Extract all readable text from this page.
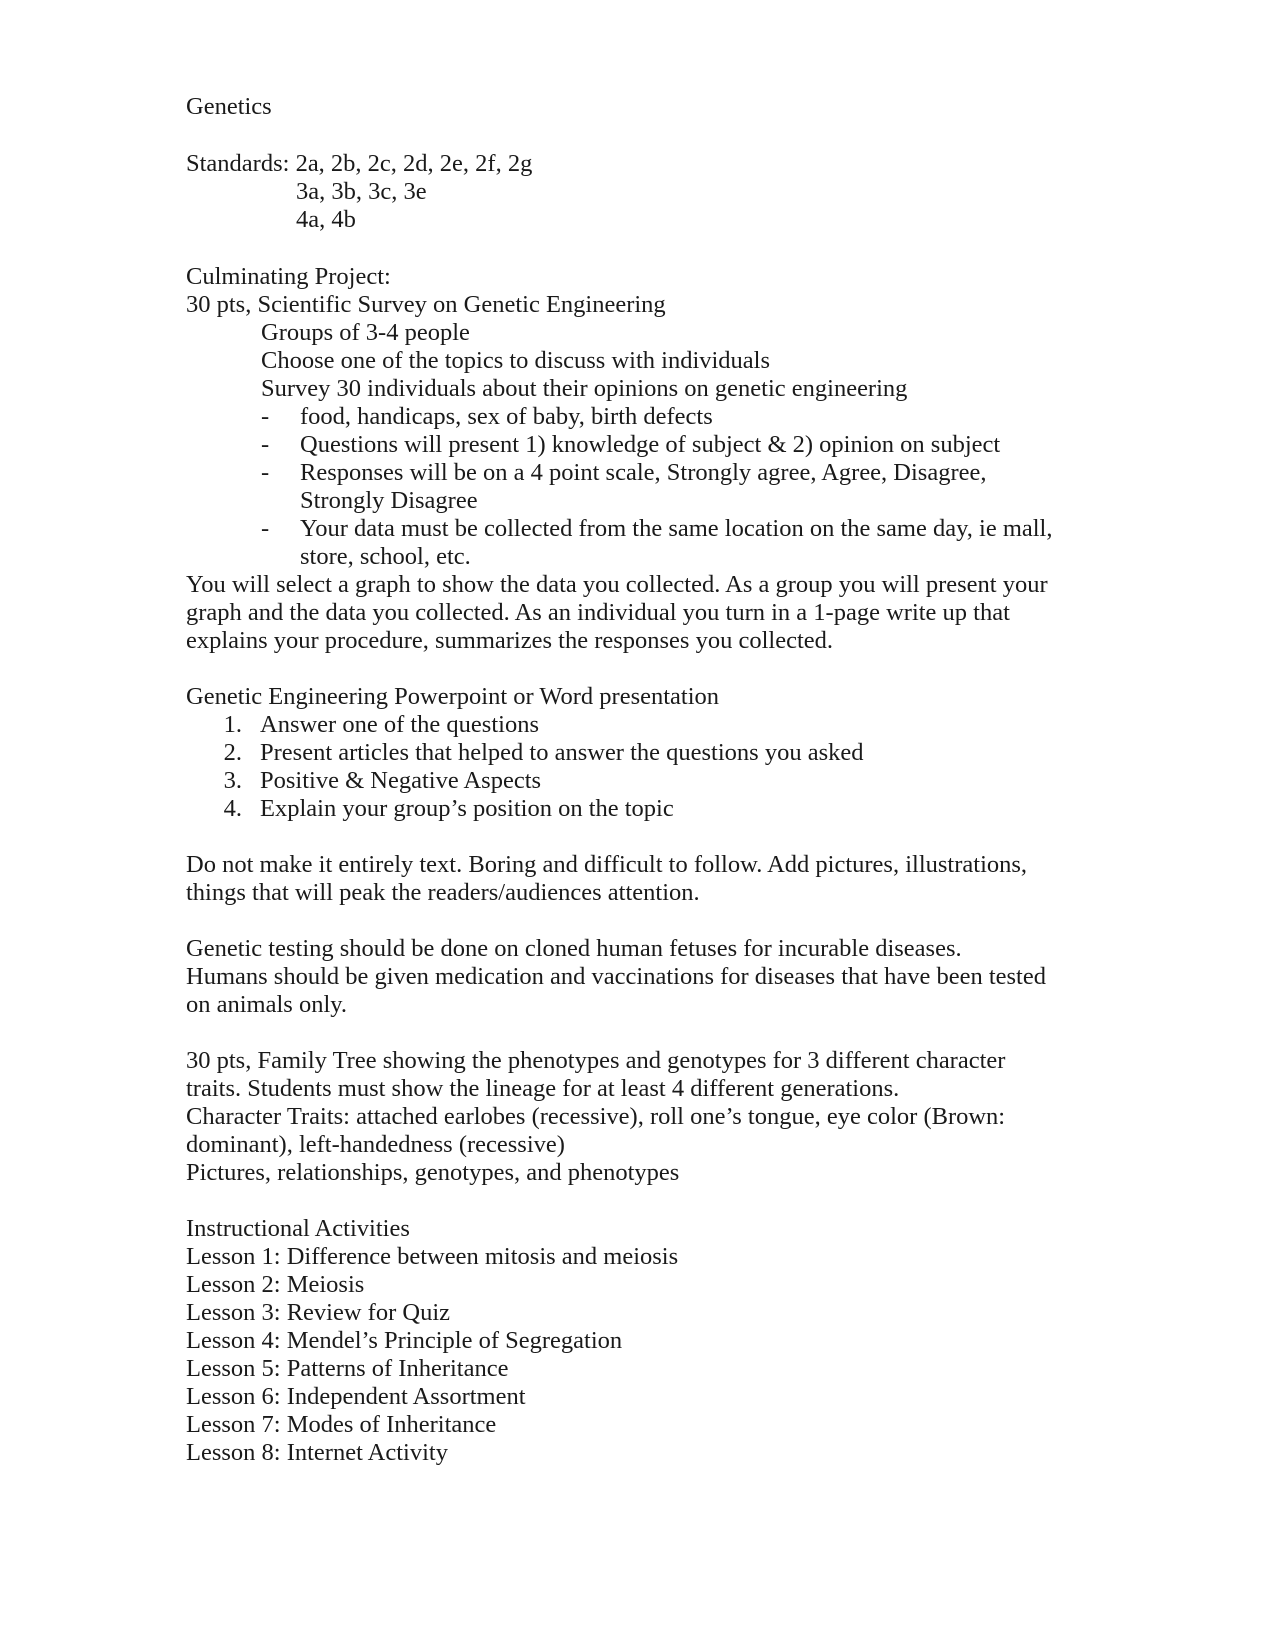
Genetics
Standards: 2a, 2b, 2c, 2d, 2e, 2f, 2g
3a, 3b, 3c, 3e
4a, 4b
Culminating Project:
30 pts, Scientific Survey on Genetic Engineering
Groups of 3-4 people
Choose one of the topics to discuss with individuals
Survey 30 individuals about their opinions on genetic engineering
-	food, handicaps, sex of baby, birth defects
-	Questions will present 1) knowledge of subject & 2) opinion on subject
-	Responses will be on a 4 point scale, Strongly agree, Agree, Disagree, Strongly Disagree
-	Your data must be collected from the same location on the same day, ie mall, store, school, etc.
You will select a graph to show the data you collected. As a group you will present your
graph and the data you collected. As an individual you turn in a 1-page write up that
explains your procedure, summarizes the responses you collected.
Genetic Engineering Powerpoint or Word presentation
1. Answer one of the questions
2. Present articles that helped to answer the questions you asked
3. Positive & Negative Aspects
4. Explain your group’s position on the topic
Do not make it entirely text. Boring and difficult to follow. Add pictures, illustrations,
things that will peak the readers/audiences attention.
Genetic testing should be done on cloned human fetuses for incurable diseases.
Humans should be given medication and vaccinations for diseases that have been tested
on animals only.
30 pts, Family Tree showing the phenotypes and genotypes for 3 different character
traits. Students must show the lineage for at least 4 different generations.
Character Traits: attached earlobes (recessive), roll one’s tongue, eye color (Brown:
dominant), left-handedness (recessive)
Pictures, relationships, genotypes, and phenotypes
Instructional Activities
Lesson 1: Difference between mitosis and meiosis
Lesson 2: Meiosis
Lesson 3: Review for Quiz
Lesson 4: Mendel’s Principle of Segregation
Lesson 5: Patterns of Inheritance
Lesson 6: Independent Assortment
Lesson 7: Modes of Inheritance
Lesson 8: Internet Activity
